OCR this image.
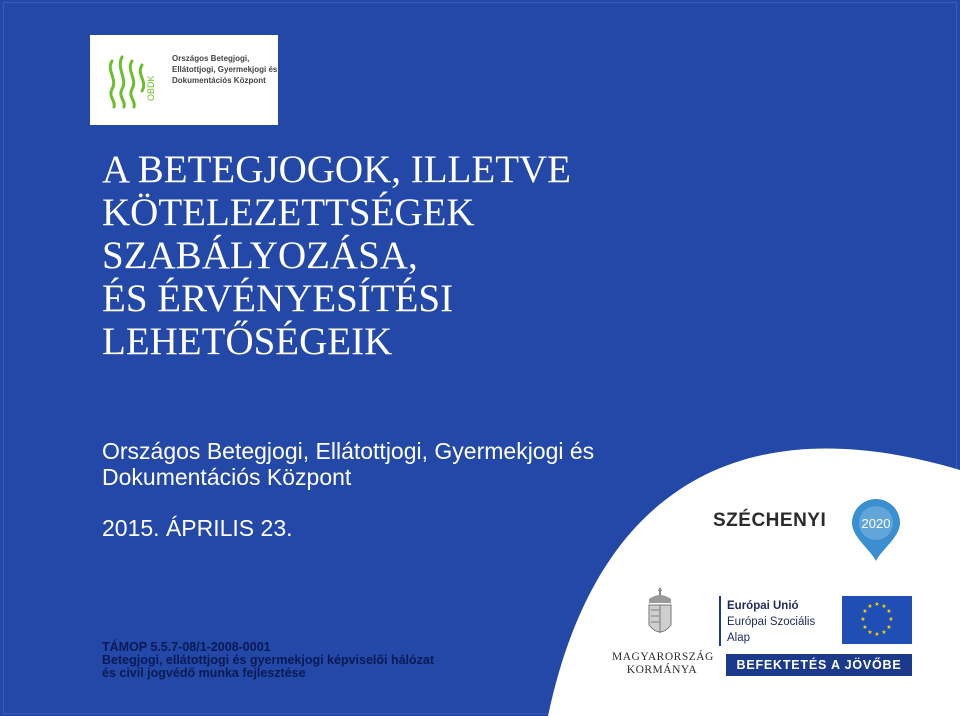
OBDK
Országos Betegjogi,
Ellátottjogi, Gyermekjogi és
Dokumentációs Központ
A BETEGJOGOK, ILLETVE
KÖTELEZETTSÉGEK
SZABÁLYOZÁSA,
ÉS ÉRVÉNYESÍTÉSI
LEHETŐSÉGEIK
Országos Betegjogi, Ellátottjogi, Gyermekjogi és
Dokumentációs Központ
2015. ÁPRILIS 23.
TÁMOP 5.5.7-08/1-2008-0001
Betegjogi, ellátottjogi és gyermekjogi képviselői hálózat
és civil jogvédő munka fejlesztése
SZÉCHENYI	2020
MAGYARORSZÁG
KORMÁNYA
Európai Unió
Európai Szociális
Alap
★ ★
★
★
★
★
★
★
★
★
★
★
BEFEKTETÉS A JÖVŐBE
